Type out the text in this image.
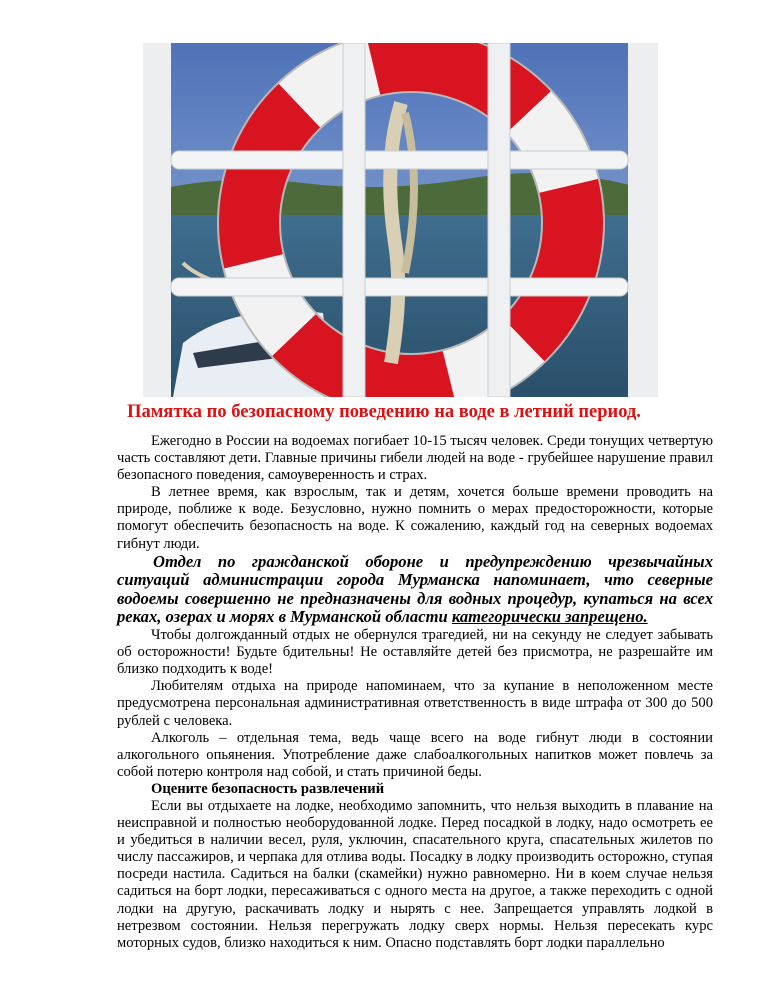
Памятка по безопасному поведению на воде в летний период.

Ежегодно в России на водоемах погибает 10-15 тысяч человек. Среди тонущих четвертую часть составляют дети. Главные причины гибели людей на воде - грубейшее нарушение правил безопасного поведения, самоуверенность и страх.

В летнее время, как взрослым, так и детям, хочется больше времени проводить на природе, поближе к воде. Безусловно, нужно помнить о мерах предосторожности, которые помогут обеспечить безопасность на воде. К сожалению, каждый год на северных водоемах гибнут люди.

Отдел по гражданской обороне и предупреждению чрезвычайных ситуаций администрации города Мурманска напоминает, что северные водоемы совершенно не предназначены для водных процедур, купаться на всех реках, озерах и морях в Мурманской области категорически запрещено.

Чтобы долгожданный отдых не обернулся трагедией, ни на секунду не следует забывать об осторожности! Будьте бдительны! Не оставляйте детей без присмотра, не разрешайте им близко подходить к воде!

Любителям отдыха на природе напоминаем, что за купание в неположенном месте предусмотрена персональная административная ответственность в виде штрафа от 300 до 500 рублей с человека.

Алкоголь – отдельная тема, ведь чаще всего на воде гибнут люди в состоянии алкогольного опьянения. Употребление даже слабоалкогольных напитков может повлечь за собой потерю контроля над собой, и стать причиной беды.

Оцените безопасность развлечений

Если вы отдыхаете на лодке, необходимо запомнить, что нельзя выходить в плавание на неисправной и полностью необорудованной лодке. Перед посадкой в лодку, надо осмотреть ее и убедиться в наличии весел, руля, уключин, спасательного круга, спасательных жилетов по числу пассажиров, и черпака для отлива воды. Посадку в лодку производить осторожно, ступая посреди настила. Садиться на балки (скамейки) нужно равномерно. Ни в коем случае нельзя садиться на борт лодки, пересаживаться с одного места на другое, а также переходить с одной лодки на другую, раскачивать лодку и нырять с нее. Запрещается управлять лодкой в нетрезвом состоянии. Нельзя перегружать лодку сверх нормы. Нельзя пересекать курс моторных судов, близко находиться к ним. Опасно подставлять борт лодки параллельно
